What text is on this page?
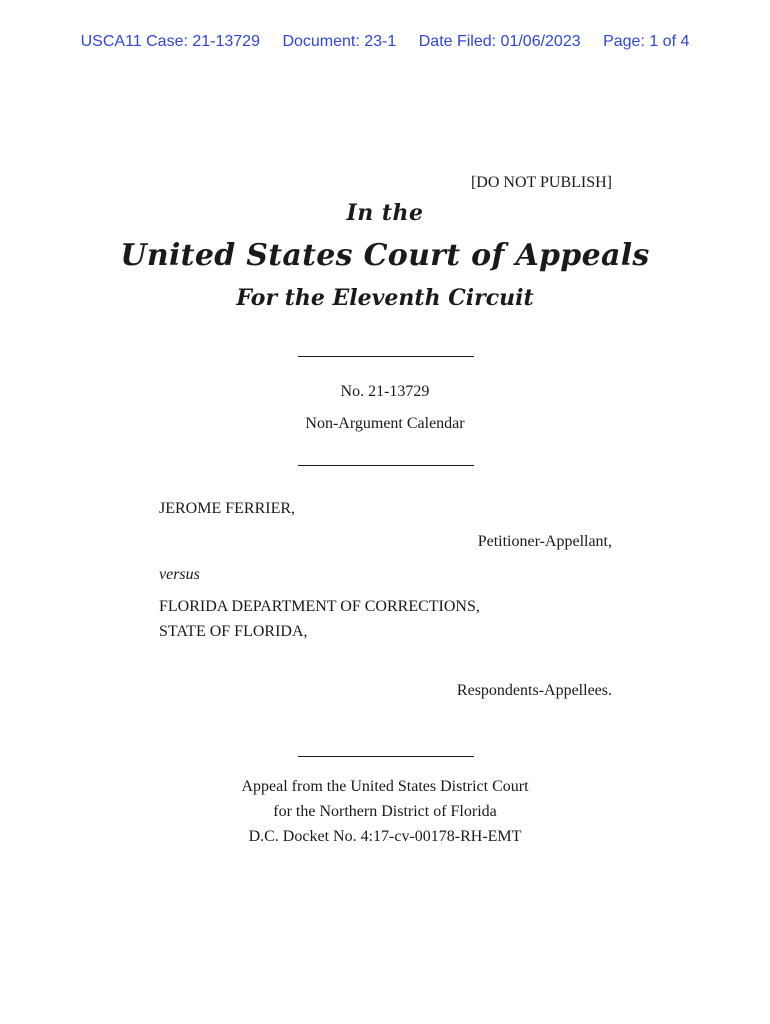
USCA11 Case: 21-13729 Document: 23-1 Date Filed: 01/06/2023 Page: 1 of 4
[DO NOT PUBLISH]
In the
United States Court of Appeals
For the Eleventh Circuit
No. 21-13729
Non-Argument Calendar
JEROME FERRIER,
Petitioner-Appellant,
versus
FLORIDA DEPARTMENT OF CORRECTIONS,
STATE OF FLORIDA,
Respondents-Appellees.
Appeal from the United States District Court
for the Northern District of Florida
D.C. Docket No. 4:17-cv-00178-RH-EMT
